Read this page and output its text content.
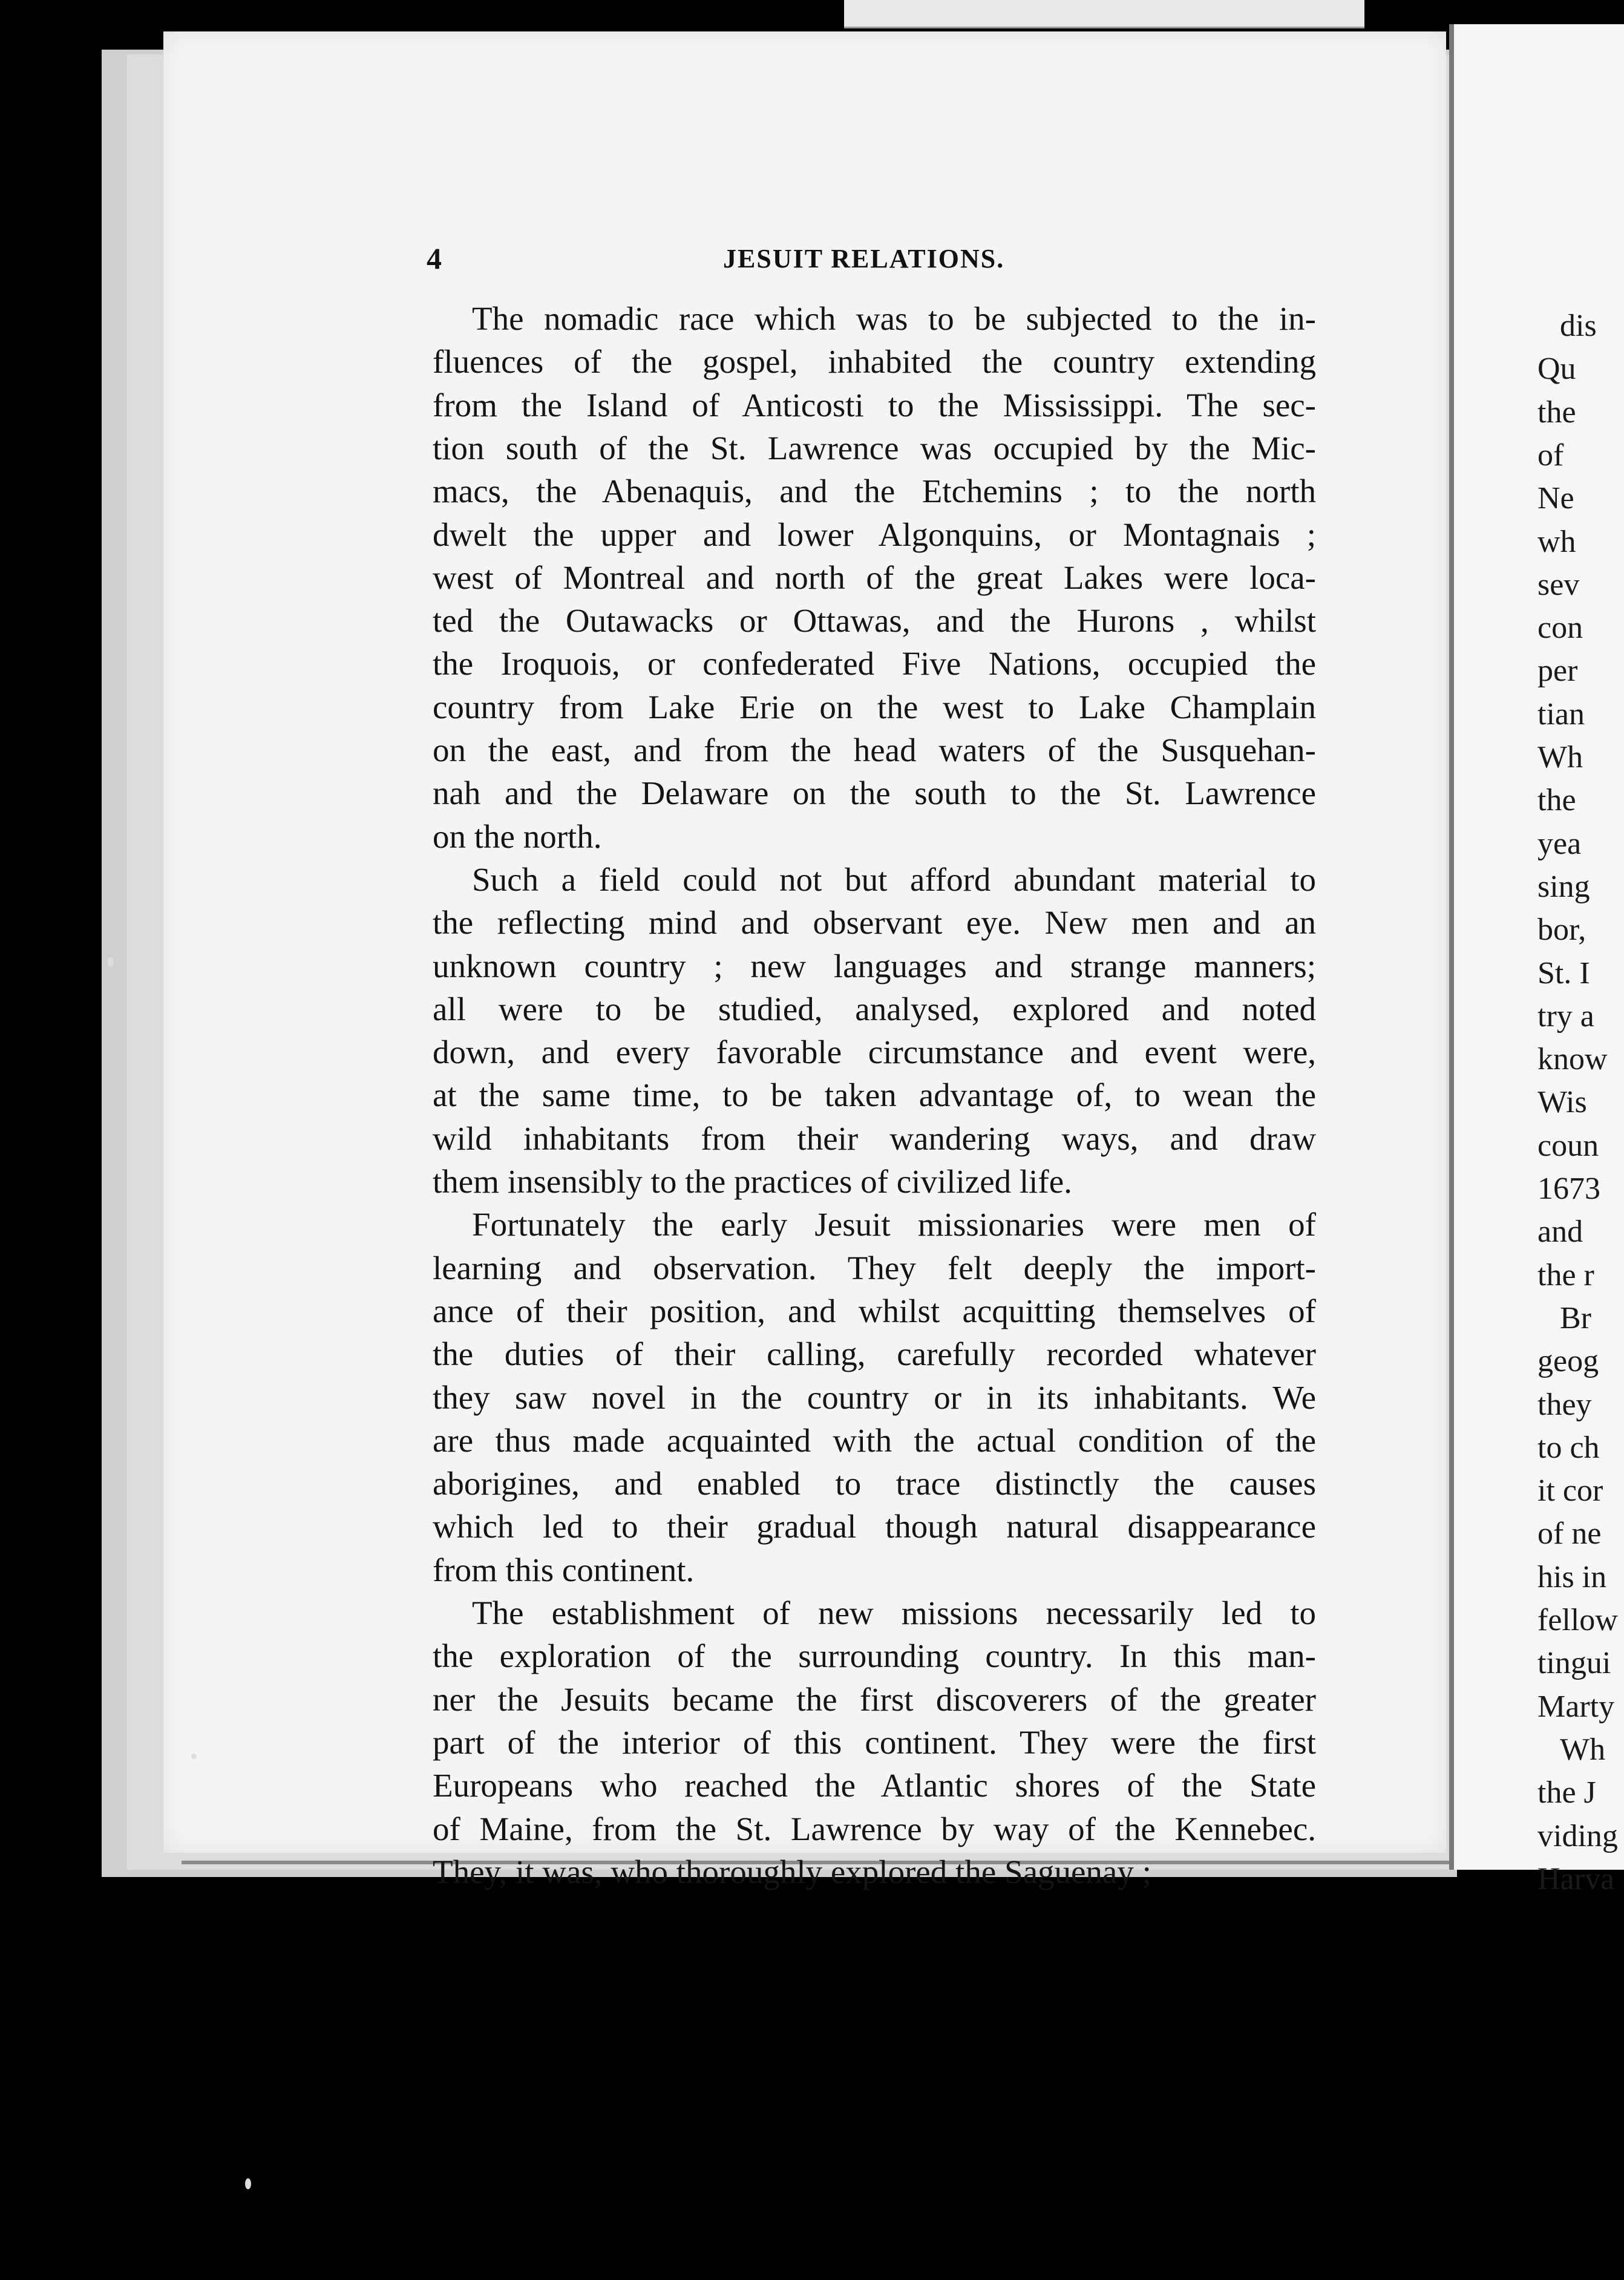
dis
Qu
the
of
Ne
wh
sev
con
per
tian
Wh
the
yea
sing
bor,
St. I
try a
know
Wis
coun
1673
and
the r
Br
geog
they
to ch
it cor
of ne
his in
fellow
tingui
Marty
Wh
the J
viding
Harva
4	JESUIT RELATIONS.
The nomadic race which was to be subjected to the in-
fluences of the gospel, inhabited the country extending
from the Island of Anticosti to the Mississippi. The sec-
tion south of the St. Lawrence was occupied by the Mic-
macs, the Abenaquis, and the Etchemins ; to the north
dwelt the upper and lower Algonquins, or Montagnais ;
west of Montreal and north of the great Lakes were loca-
ted the Outawacks or Ottawas, and the Hurons , whilst
the Iroquois, or confederated Five Nations, occupied the
country from Lake Erie on the west to Lake Champlain
on the east, and from the head waters of the Susquehan-
nah and the Delaware on the south to the St. Lawrence
on the north.
Such a field could not but afford abundant material to
the reflecting mind and observant eye. New men and an
unknown country ; new languages and strange manners;
all were to be studied, analysed, explored and noted
down, and every favorable circumstance and event were,
at the same time, to be taken advantage of, to wean the
wild inhabitants from their wandering ways, and draw
them insensibly to the practices of civilized life.
Fortunately the early Jesuit missionaries were men of
learning and observation. They felt deeply the import-
ance of their position, and whilst acquitting themselves of
the duties of their calling, carefully recorded whatever
they saw novel in the country or in its inhabitants. We
are thus made acquainted with the actual condition of the
aborigines, and enabled to trace distinctly the causes
which led to their gradual though natural disappearance
from this continent.
The establishment of new missions necessarily led to
the exploration of the surrounding country. In this man-
ner the Jesuits became the first discoverers of the greater
part of the interior of this continent. They were the first
Europeans who reached the Atlantic shores of the State
of Maine, from the St. Lawrence by way of the Kennebec.
They, it was, who thoroughly explored the Saguenay ;
